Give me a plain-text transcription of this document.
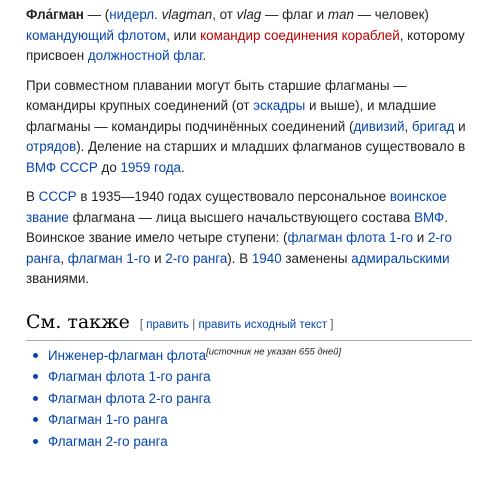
Фла́гман — (нидерл. vlagman, от vlag — флаг и man — человек) командующий флотом, или командир соединения кораблей, которому присвоен должностной флаг.

При совместном плавании могут быть старшие флагманы — командиры крупных соединений (от эскадры и выше), и младшие флагманы — командиры подчинённых соединений (дивизий, бригад и отрядов). Деление на старших и младших флагманов существовало в ВМФ СССР до 1959 года.

В СССР в 1935—1940 годах существовало персональное воинское звание флагмана — лица высшего начальствующего состава ВМФ. Воинское звание имело четыре ступени: (флагман флота 1-го и 2-го ранга, флагман 1-го и 2-го ранга). В 1940 заменены адмиральскими званиями.

См. также [ править | править исходный текст ]
Инженер-флагман флота[источник не указан 655 дней]
Флагман флота 1-го ранга
Флагман флота 2-го ранга
Флагман 1-го ранга
Флагман 2-го ранга
